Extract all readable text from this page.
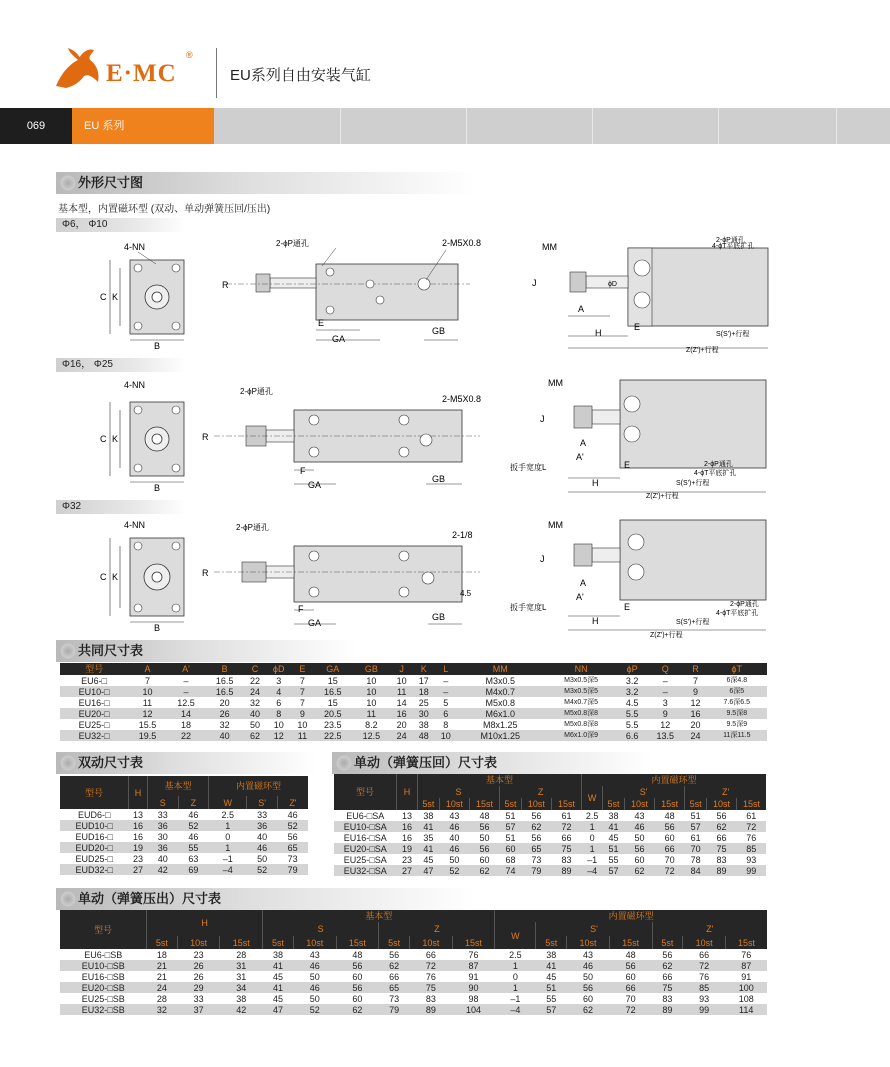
E·MC
®
EU系列自由安装气缸
069	EU 系列
外形尺寸图
基本型，内置磁环型 (双动、单动弹簧压回/压出)
Φ6， Φ10
Φ16， Φ25
Φ32
4-NN
C K
B
2-ϕP通孔	2-M5X0.8
R
E
GA
GB
MM
J	ϕD
A
H
E
S(S')+行程
Z(Z')+行程
2-ϕP通孔
4-ϕT平底扩孔
4-NN
C K
B
2-ϕP通孔
2-M5X0.8
R
F
GA
GB
MM
J
A
A'
扳手宽度L
H
E	2-ϕP通孔
4-ϕT平底扩孔
S(S')+行程
Z(Z')+行程
4-NN
C K
B
2-ϕP通孔
2-1/8
R
F
GA
GB
4.5
MM
J
A
A'
扳手宽度L
H
E	2-ϕP通孔
4-ϕT平底扩孔
S(S')+行程
Z(Z')+行程
共同尺寸表
型号	A	A'	B	C	ϕD	E	GA	GB	J	K	L	MM	NN	ϕP	Q	R	ϕT
EU6-□	7	–	16.5	22	3	7	15	10	10	17	–	M3x0.5	M3x0.5深5	3.2	–	7	6深4.8
EU10-□	10	–	16.5	24	4	7	16.5	10	11	18	–	M4x0.7	M3x0.5深5	3.2	–	9	6深5
EU16-□	11	12.5	20	32	6	7	15	10	14	25	5	M5x0.8	M4x0.7深5	4.5	3	12	7.6深6.5
EU20-□	12	14	26	40	8	9	20.5	11	16	30	6	M6x1.0	M5x0.8深8	5.5	9	16	9.5深8
EU25-□	15.5	18	32	50	10	10	23.5	8.2	20	38	8	M8x1.25	M5x0.8深8	5.5	12	20	9.5深9
EU32-□	19.5	22	40	62	12	11	22.5	12.5	24	48	10	M10x1.25	M6x1.0深9	6.6	13.5	24	11深11.5
双动尺寸表
型号	H	基本型		内置磁环型		
		S	Z	W	S'	Z'
EUD6-□	13	33	46	2.5	33	46
EUD10-□	16	36	52	1	36	52
EUD16-□	16	30	46	0	40	56
EUD20-□	19	36	55	1	46	65
EUD25-□	23	40	63	–1	50	73
EUD32-□	27	42	69	–4	52	79
单动（弹簧压回）尺寸表
型号	H	基本型						内置磁环型						
		S			Z			W	S'			Z'		
		5st	10st	15st	5st	10st	15st		5st	10st	15st	5st	10st	15st
EU6-□SA	13	38	43	48	51	56	61	2.5	38	43	48	51	56	61
EU10-□SA	16	41	46	56	57	62	72	1	41	46	56	57	62	72
EU16-□SA	16	35	40	50	51	56	66	0	45	50	60	61	66	76
EU20-□SA	19	41	46	56	60	65	75	1	51	56	66	70	75	85
EU25-□SA	23	45	50	60	68	73	83	–1	55	60	70	78	83	93
EU32-□SA	27	47	52	62	74	79	89	–4	57	62	72	84	89	99
单动（弹簧压出）尺寸表
型号	H			基本型						内置磁环型						
				S			Z			W	S'			Z'		
	5st	10st	15st	5st	10st	15st	5st	10st	15st		5st	10st	15st	5st	10st	15st
EU6-□SB	18	23	28	38	43	48	56	66	76	2.5	38	43	48	56	66	76
EU10-□SB	21	26	31	41	46	56	62	72	87	1	41	46	56	62	72	87
EU16-□SB	21	26	31	45	50	60	66	76	91	0	45	50	60	66	76	91
EU20-□SB	24	29	34	41	46	56	65	75	90	1	51	56	66	75	85	100
EU25-□SB	28	33	38	45	50	60	73	83	98	–1	55	60	70	83	93	108
EU32-□SB	32	37	42	47	52	62	79	89	104	–4	57	62	72	89	99	114
